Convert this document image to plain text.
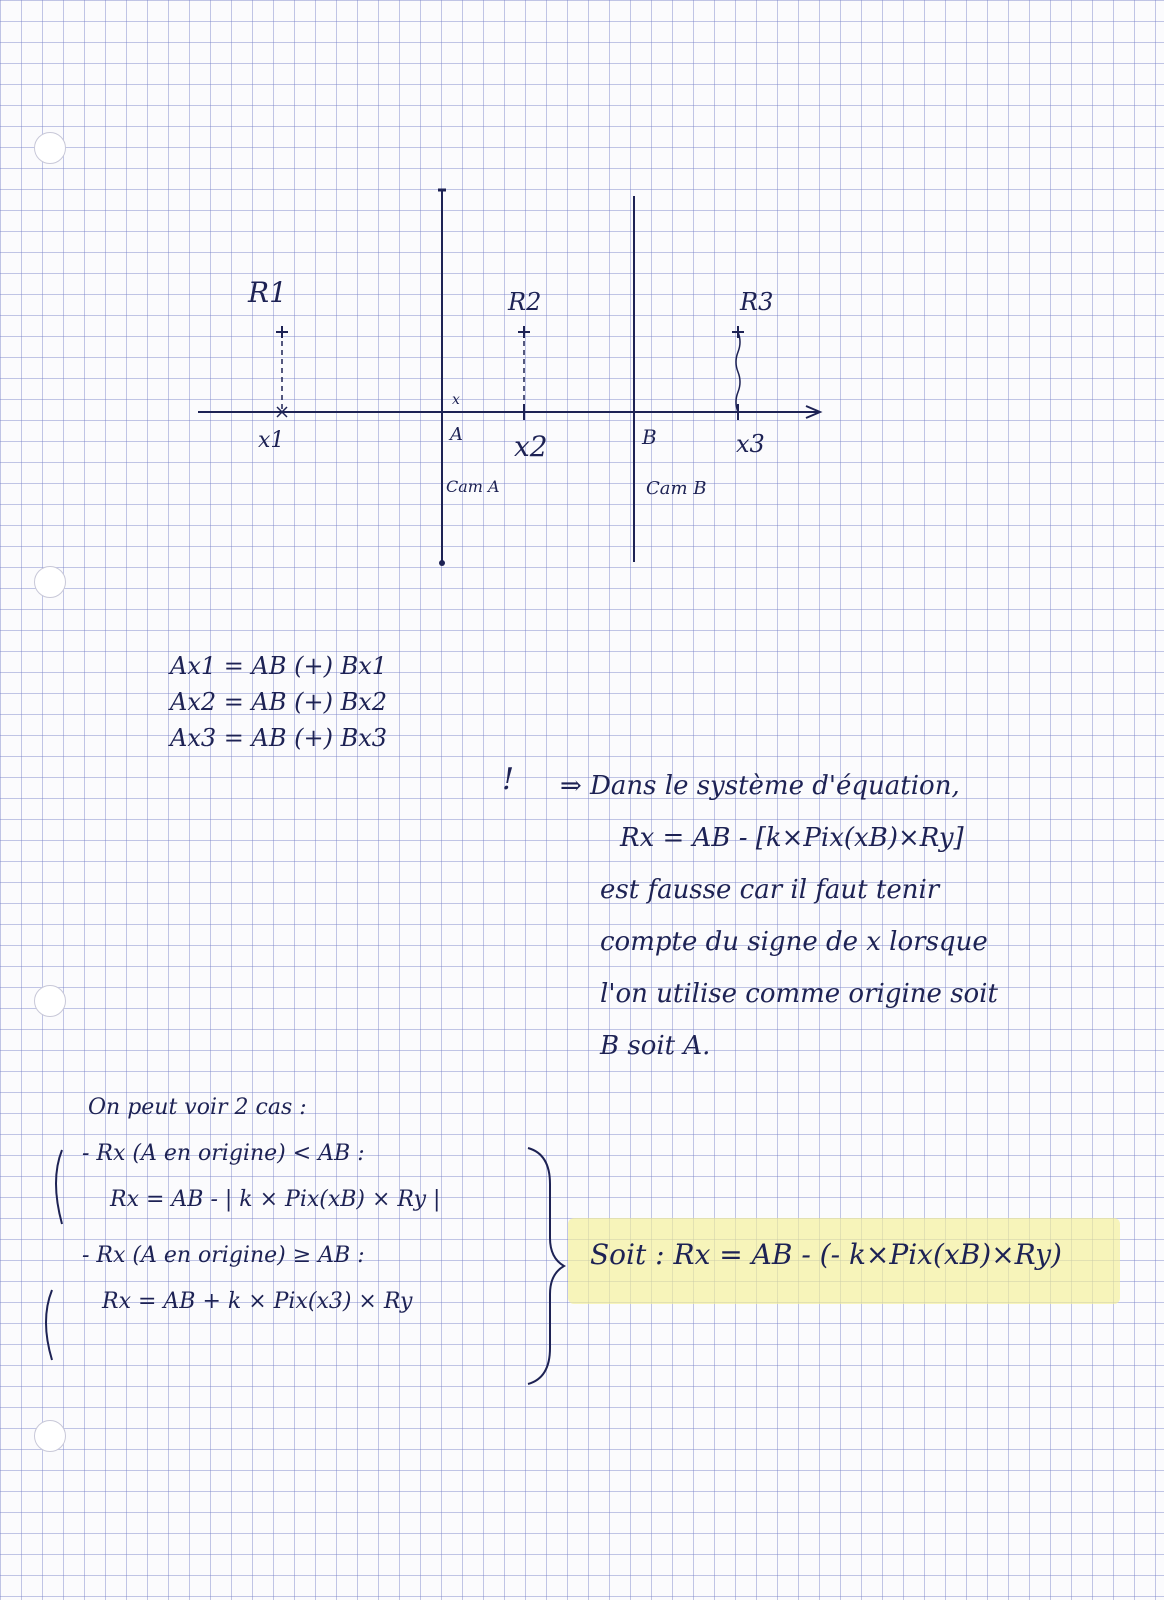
R1	R2	R3
x1	x2	x3
x
A	B
Cam A	Cam B
Ax1 = AB (+) Bx1
Ax2 = AB (+) Bx2
Ax3 = AB (+) Bx3
! ⇒ Dans le système d'équation,
Rx = AB - [k×Pix(xB)×Ry]
est fausse car il faut tenir
compte du signe de x lorsque
l'on utilise comme origine soit
B soit A.
On peut voir 2 cas :
- Rx (A en origine) < AB :
Rx = AB - | k × Pix(xB) × Ry |
- Rx (A en origine) ≥ AB :
Rx = AB + k × Pix(x3) × Ry
Soit : Rx = AB - (- k×Pix(xB)×Ry)
